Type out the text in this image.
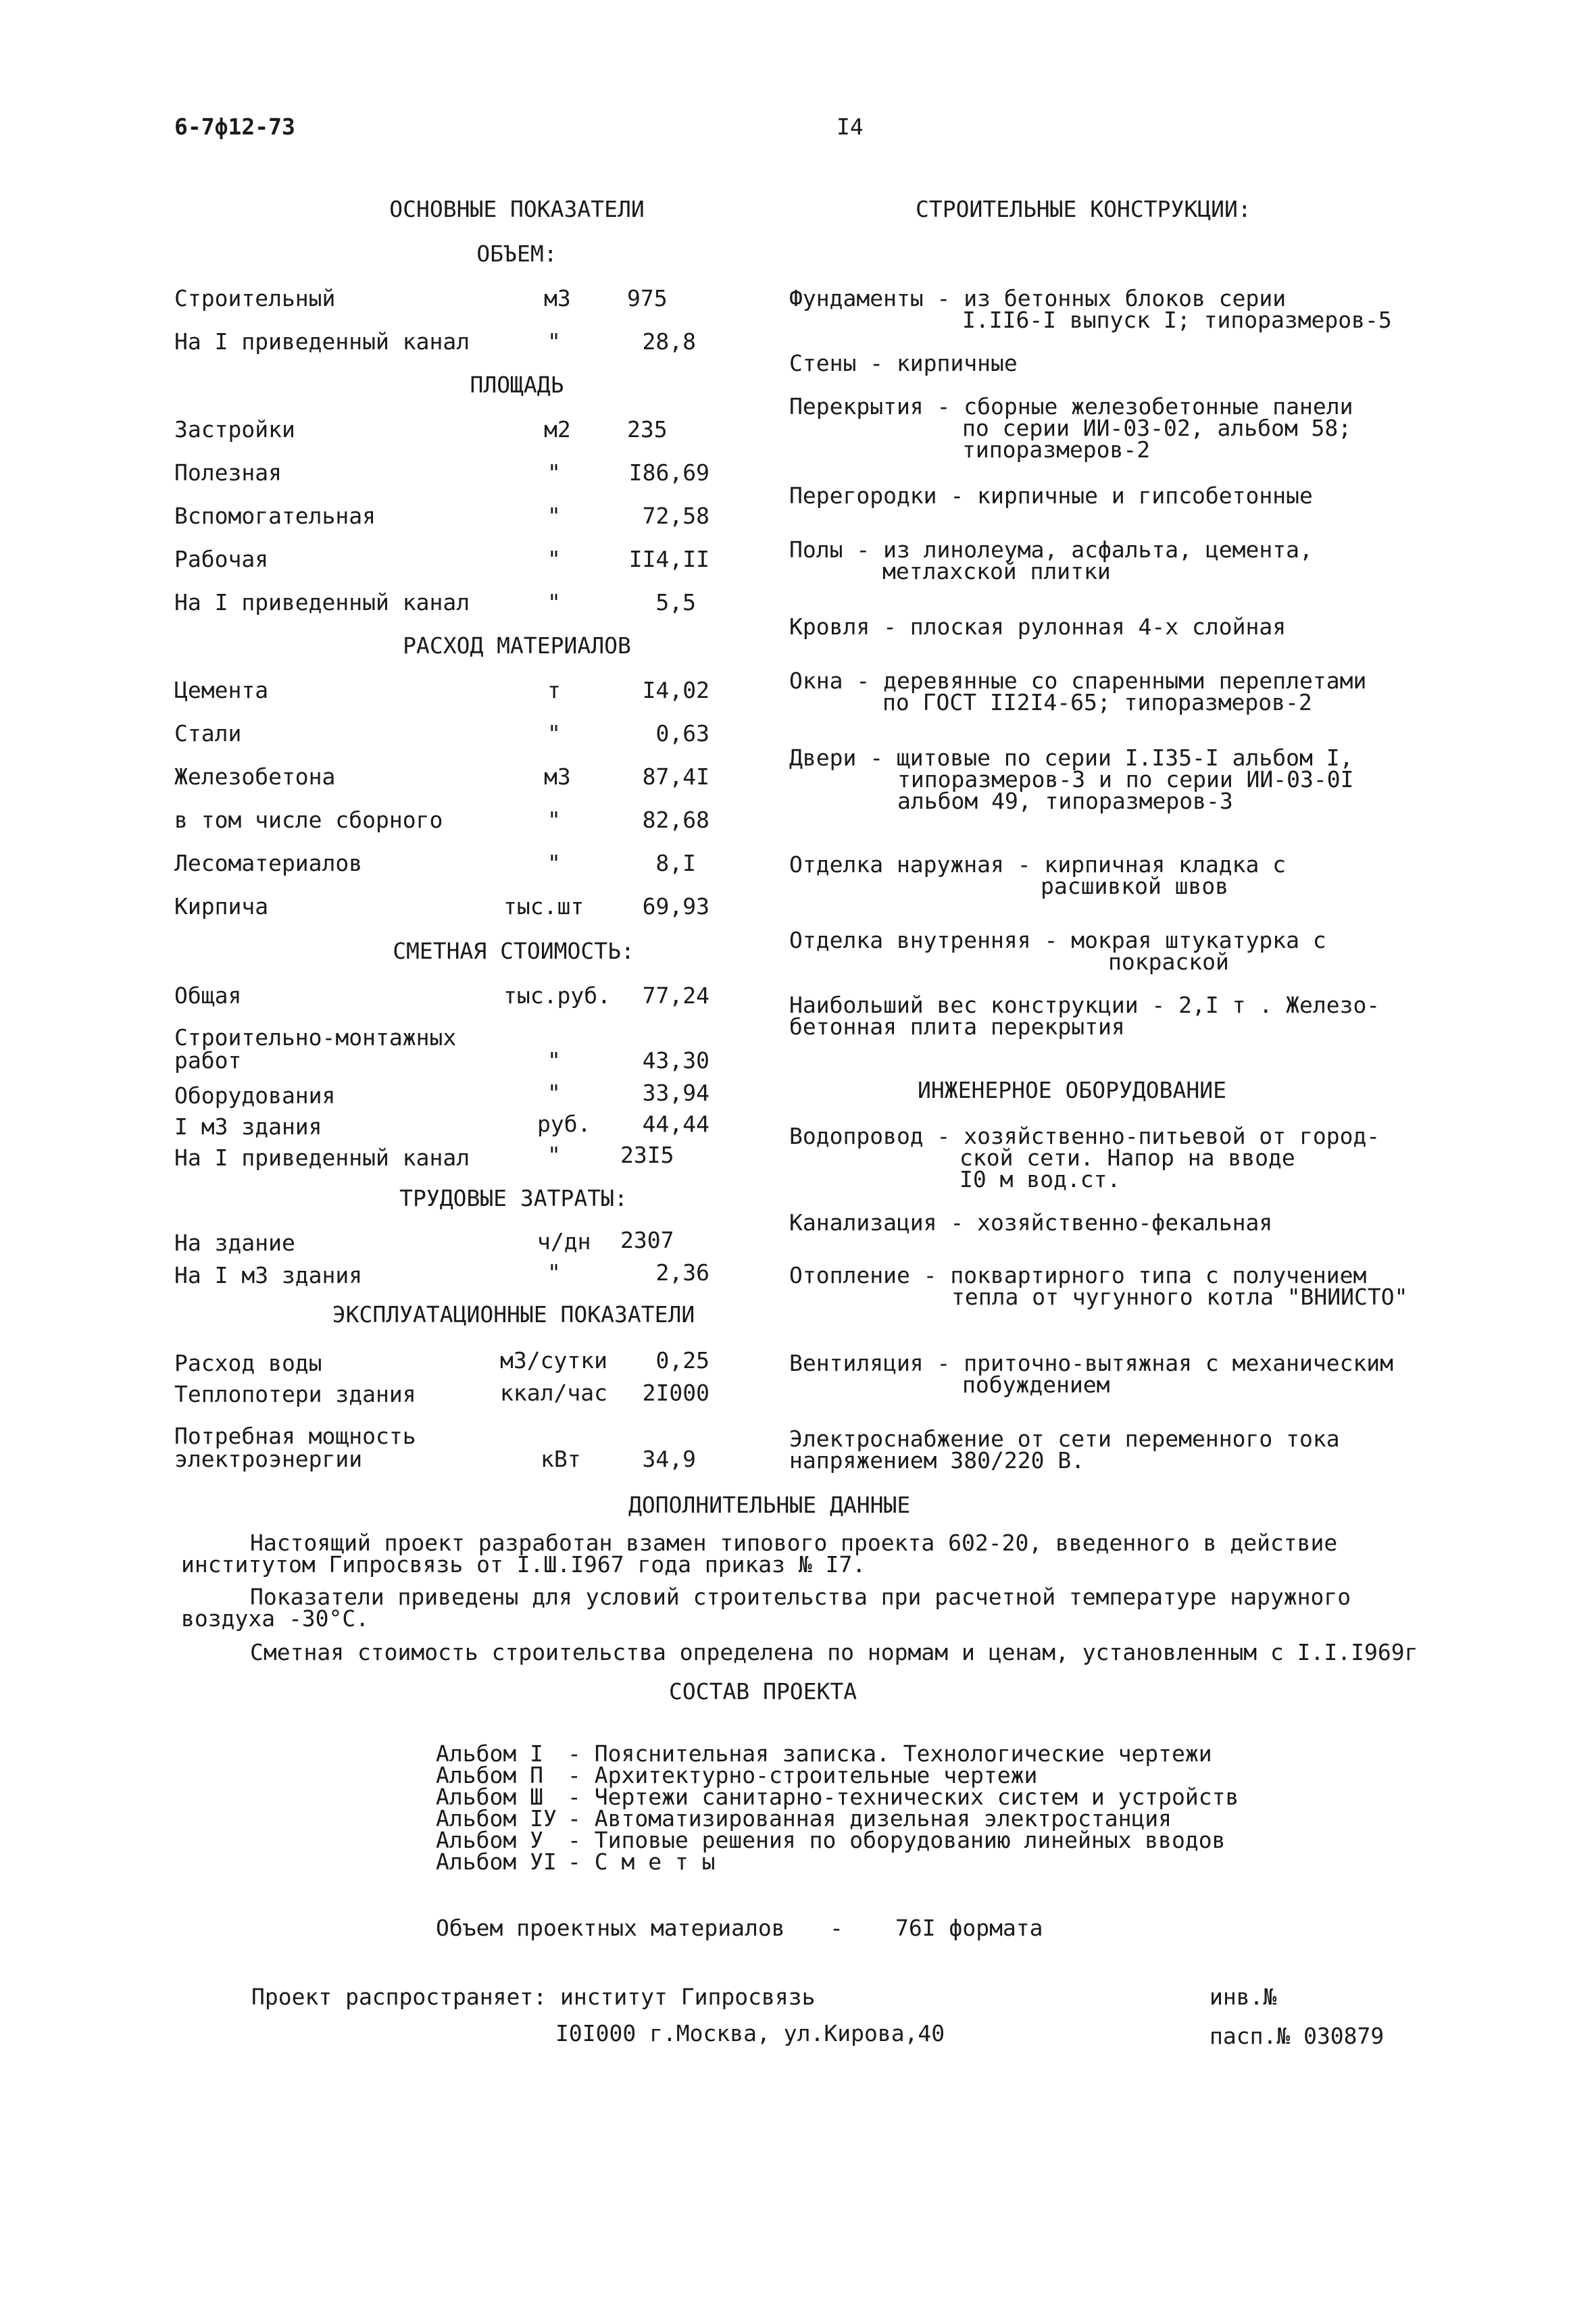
6-7ф12-73	I4
ОСНОВНЫЕ ПОКАЗАТЕЛИ
ОБЪЕМ:
Строительный	м3	975
На I приведенный канал	"	28,8
ПЛОЩАДЬ
Застройки	м2	235
Полезная	"	I86,69
Вспомогательная	"	72,58
Рабочая	"	II4,II
На I приведенный канал	"	5,5
РАСХОД МАТЕРИАЛОВ
Цемента	т	I4,02
Стали	"	0,63
Железобетона	м3	87,4I
в том числе сборного	"	82,68
Лесоматериалов	"	8,I
Кирпича	тыс.шт	69,93
СМЕТНАЯ СТОИМОСТЬ:
Общая	тыс.руб.	77,24
Строительно-монтажных
работ	"	43,30
Оборудования	"	33,94
I м3 здания	руб.	44,44
На I приведенный канал	"	23I5
ТРУДОВЫЕ ЗАТРАТЫ:
На здание	ч/дн 2307
На I м3 здания	"	2,36
ЭКСПЛУАТАЦИОННЫЕ ПОКАЗАТЕЛИ
Расход воды	м3/сутки	0,25
Теплопотери здания	ккал/час	2I000
Потребная мощность
электроэнергии	кВт	34,9
СТРОИТЕЛЬНЫЕ КОНСТРУКЦИИ:
Фундаменты - из бетонных блоков серии
I.II6-I выпуск I; типоразмеров-5
Стены - кирпичные
Перекрытия - сборные железобетонные панели
по серии ИИ-03-02, альбом 58;
типоразмеров-2
Перегородки - кирпичные и гипсобетонные
Полы - из линолеума, асфальта, цемента,
метлахской плитки
Кровля - плоская рулонная 4-х слойная
Окна - деревянные со спаренными переплетами
по ГОСТ II2I4-65; типоразмеров-2
Двери - щитовые по серии I.I35-I альбом I,
типоразмеров-3 и по серии ИИ-03-0I
альбом 49, типоразмеров-3
Отделка наружная - кирпичная кладка с
расшивкой швов
Отделка внутренняя - мокрая штукатурка с
покраской
Наибольший вес конструкции - 2,I т . Железо-
бетонная плита перекрытия
ИНЖЕНЕРНОЕ ОБОРУДОВАНИЕ
Водопровод - хозяйственно-питьевой от город-
ской сети. Напор на вводе
I0 м вод.ст.
Канализация - хозяйственно-фекальная
Отопление - поквартирного типа с получением
тепла от чугунного котла "ВНИИСТО"
Вентиляция - приточно-вытяжная с механическим
побуждением
Электроснабжение от сети переменного тока
напряжением 380/220 В.
ДОПОЛНИТЕЛЬНЫЕ ДАННЫЕ
Настоящий проект разработан взамен типового проекта 602-20, введенного в действие
институтом Гипросвязь от I.Ш.I967 года приказ № I7.
Показатели приведены для условий строительства при расчетной температуре наружного
воздуха -30°С.
Сметная стоимость строительства определена по нормам и ценам, установленным с I.I.I969г
СОСТАВ ПРОЕКТА
Альбом I - Пояснительная записка. Технологические чертежи
Альбом П - Архитектурно-строительные чертежи
Альбом Ш - Чертежи санитарно-технических систем и устройств
Альбом IУ - Автоматизированная дизельная электростанция
Альбом У - Типовые решения по оборудованию линейных вводов
Альбом УI - С м е т ы
Объем проектных материалов - 76I формата
Проект распространяет: институт Гипросвязь
I0I000 г.Москва, ул.Кирова,40
инв.№
пасп.№ 030879
